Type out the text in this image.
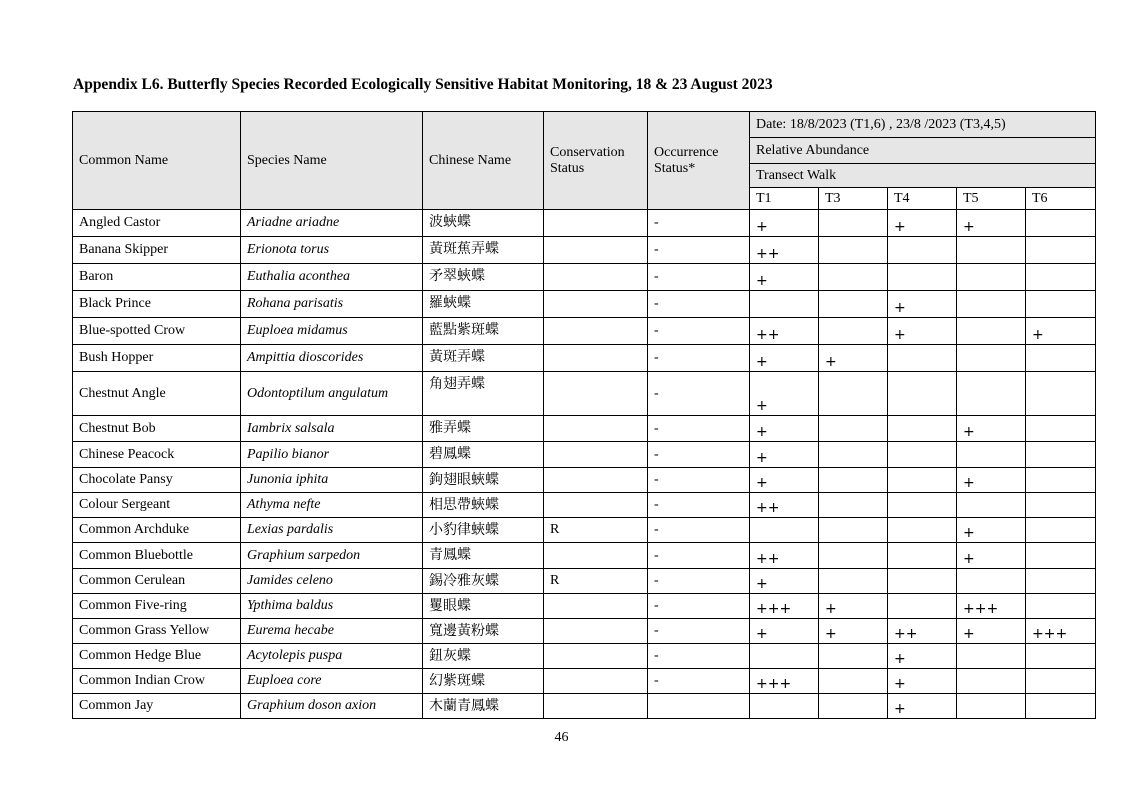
Appendix L6. Butterfly Species Recorded Ecologically Sensitive Habitat Monitoring, 18 & 23 August 2023
Common Name	Species Name	Chinese Name	Conservation Status	Occurrence Status*	Date: 18/8/2023 (T1,6) , 23/8 /2023 (T3,4,5)				
					Relative Abundance				
					Transect Walk				
					T1	T3	T4	T5	T6
Angled Castor	Ariadne ariadne	波蛺蝶		-	+		+	+	
Banana Skipper	Erionota torus	黃斑蕉弄蝶		-	++				
Baron	Euthalia aconthea	矛翠蛺蝶		-	+				
Black Prince	Rohana parisatis	羅蛺蝶		-			+		
Blue-spotted Crow	Euploea midamus	藍點紫斑蝶		-	++		+		+
Bush Hopper	Ampittia dioscorides	黃斑弄蝶		-	+	+			
Chestnut Angle	Odontoptilum angulatum	角翅弄蝶		-	+				
Chestnut Bob	Iambrix salsala	雅弄蝶		-	+			+	
Chinese Peacock	Papilio bianor	碧鳳蝶		-	+				
Chocolate Pansy	Junonia iphita	鉤翅眼蛺蝶		-	+			+	
Colour Sergeant	Athyma nefte	相思帶蛺蝶		-	++				
Common Archduke	Lexias pardalis	小豹律蛺蝶	R	-				+	
Common Bluebottle	Graphium sarpedon	青鳳蝶		-	++			+	
Common Cerulean	Jamides celeno	錫冷雅灰蝶	R	-	+				
Common Five-ring	Ypthima baldus	矍眼蝶		-	+++	+		+++	
Common Grass Yellow	Eurema hecabe	寬邊黃粉蝶		-	+	+	++	+	+++
Common Hedge Blue	Acytolepis puspa	鈕灰蝶		-			+		
Common Indian Crow	Euploea core	幻紫斑蝶		-	+++		+		
Common Jay	Graphium doson axion	木蘭青鳳蝶					+		
46
